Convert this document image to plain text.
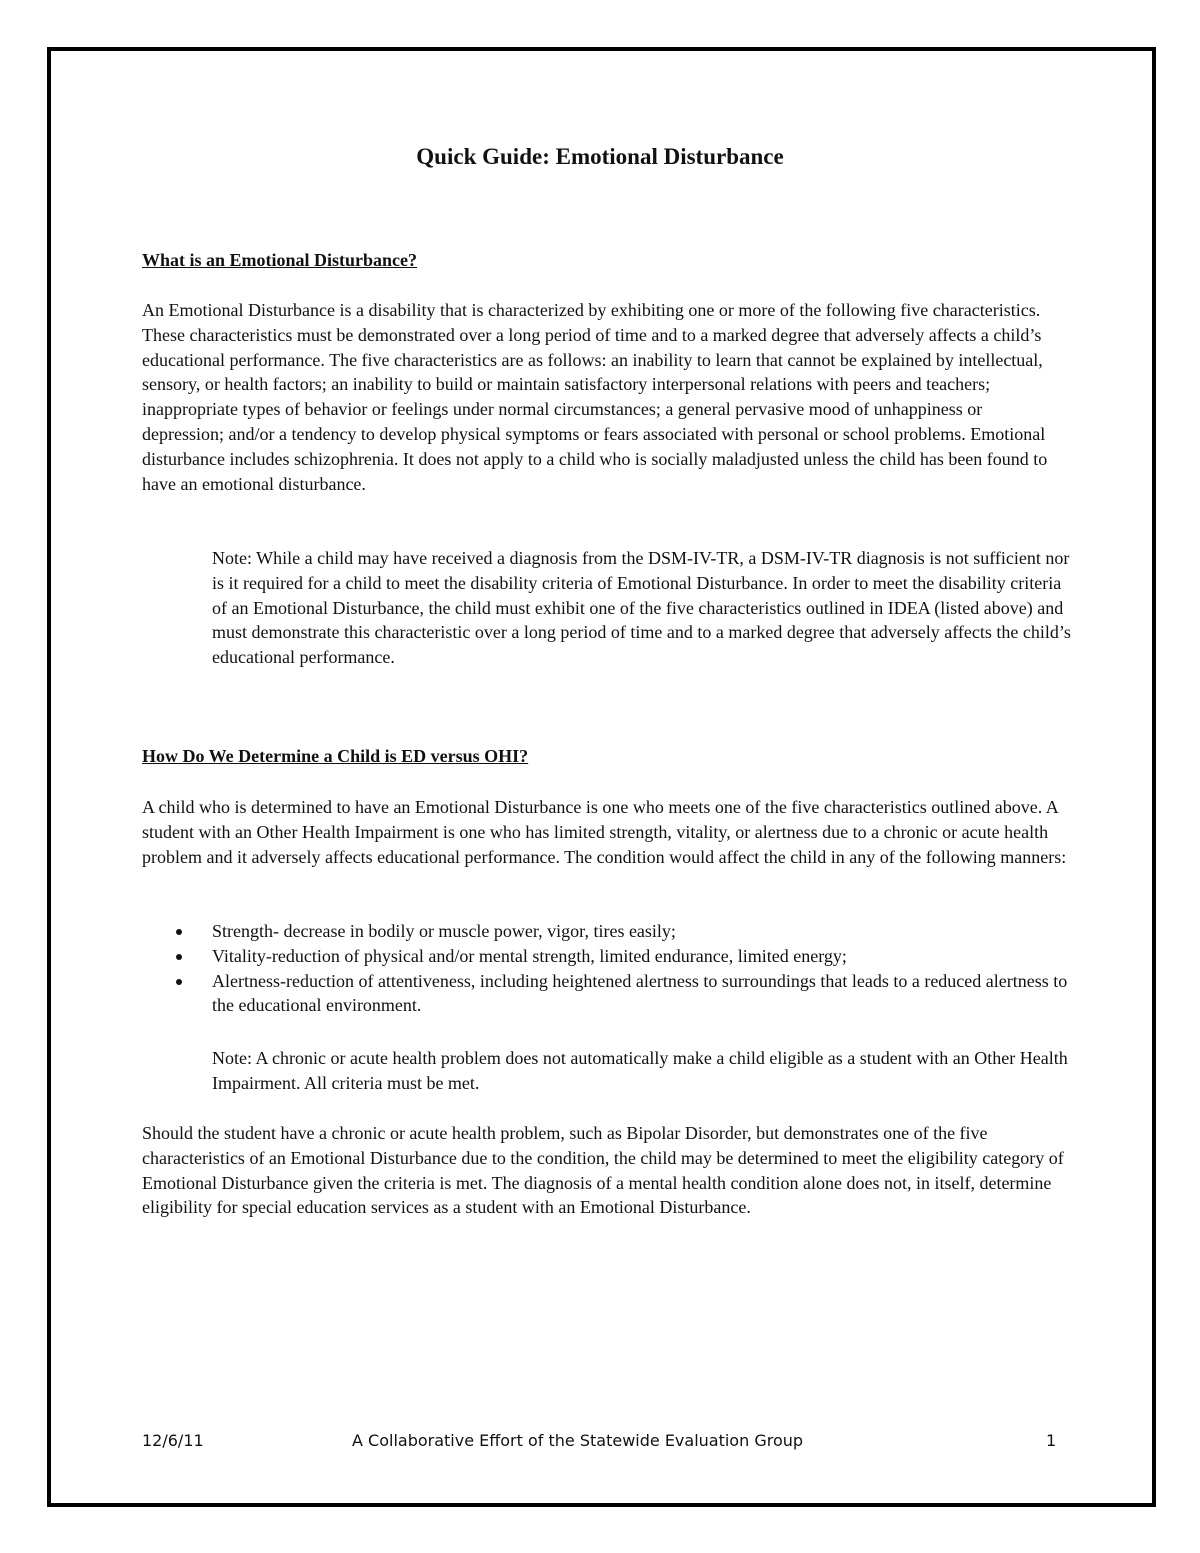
Quick Guide: Emotional Disturbance
What is an Emotional Disturbance?

An Emotional Disturbance is a disability that is characterized by exhibiting one or more of the following five characteristics. These characteristics must be demonstrated over a long period of time and to a marked degree that adversely affects a child’s educational performance. The five characteristics are as follows: an inability to learn that cannot be explained by intellectual, sensory, or health factors; an inability to build or maintain satisfactory interpersonal relations with peers and teachers; inappropriate types of behavior or feelings under normal circumstances; a general pervasive mood of unhappiness or depression; and/or a tendency to develop physical symptoms or fears associated with personal or school problems. Emotional disturbance includes schizophrenia. It does not apply to a child who is socially maladjusted unless the child has been found to have an emotional disturbance.

Note: While a child may have received a diagnosis from the DSM-IV-TR, a DSM-IV-TR diagnosis is not sufficient nor is it required for a child to meet the disability criteria of Emotional Disturbance. In order to meet the disability criteria of an Emotional Disturbance, the child must exhibit one of the five characteristics outlined in IDEA (listed above) and must demonstrate this characteristic over a long period of time and to a marked degree that adversely affects the child’s educational performance.

How Do We Determine a Child is ED versus OHI?

A child who is determined to have an Emotional Disturbance is one who meets one of the five characteristics outlined above. A student with an Other Health Impairment is one who has limited strength, vitality, or alertness due to a chronic or acute health problem and it adversely affects educational performance. The condition would affect the child in any of the following manners:

Strength- decrease in bodily or muscle power, vigor, tires easily;
Vitality-reduction of physical and/or mental strength, limited endurance, limited energy;
Alertness-reduction of attentiveness, including heightened alertness to surroundings that leads to a reduced alertness to the educational environment.

Note: A chronic or acute health problem does not automatically make a child eligible as a student with an Other Health Impairment. All criteria must be met.

Should the student have a chronic or acute health problem, such as Bipolar Disorder, but demonstrates one of the five characteristics of an Emotional Disturbance due to the condition, the child may be determined to meet the eligibility category of Emotional Disturbance given the criteria is met. The diagnosis of a mental health condition alone does not, in itself, determine eligibility for special education services as a student with an Emotional Disturbance.

12/6/11	A Collaborative Effort of the Statewide Evaluation Group	1
